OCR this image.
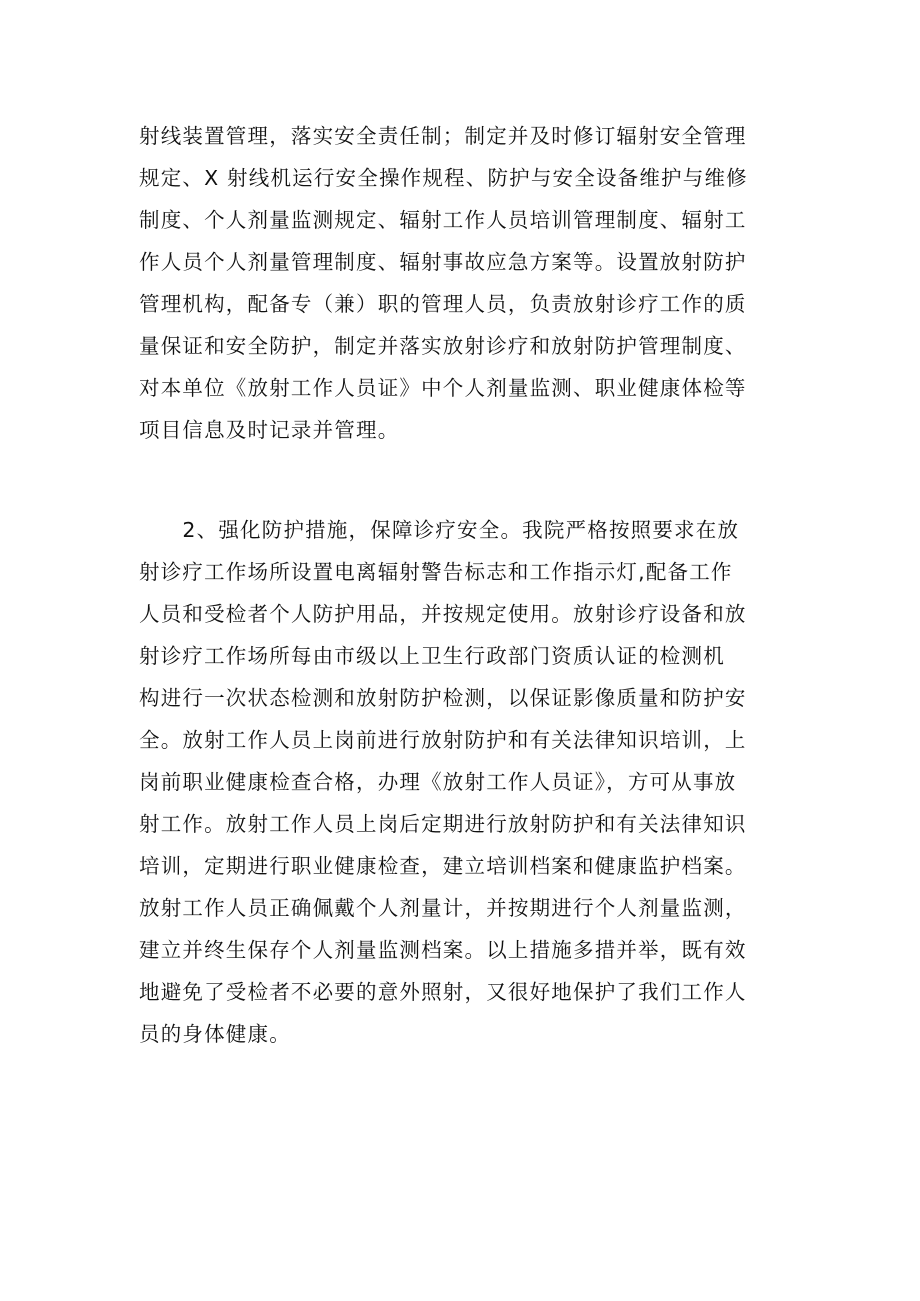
射线装置管理，落实安全责任制；制定并及时修订辐射安全管理
规定、X 射线机运行安全操作规程、防护与安全设备维护与维修
制度、个人剂量监测规定、辐射工作人员培训管理制度、辐射工
作人员个人剂量管理制度、辐射事故应急方案等。设置放射防护
管理机构，配备专（兼）职的管理人员，负责放射诊疗工作的质
量保证和安全防护，制定并落实放射诊疗和放射防护管理制度、
对本单位《放射工作人员证》中个人剂量监测、职业健康体检等
项目信息及时记录并管理。
　　2、强化防护措施，保障诊疗安全。我院严格按照要求在放
射诊疗工作场所设置电离辐射警告标志和工作指示灯,配备工作
人员和受检者个人防护用品，并按规定使用。放射诊疗设备和放
射诊疗工作场所每由市级以上卫生行政部门资质认证的检测机
构进行一次状态检测和放射防护检测，以保证影像质量和防护安
全。放射工作人员上岗前进行放射防护和有关法律知识培训，上
岗前职业健康检查合格，办理《放射工作人员证》，方可从事放
射工作。放射工作人员上岗后定期进行放射防护和有关法律知识
培训，定期进行职业健康检查，建立培训档案和健康监护档案。
放射工作人员正确佩戴个人剂量计，并按期进行个人剂量监测，
建立并终生保存个人剂量监测档案。以上措施多措并举，既有效
地避免了受检者不必要的意外照射，又很好地保护了我们工作人
员的身体健康。
